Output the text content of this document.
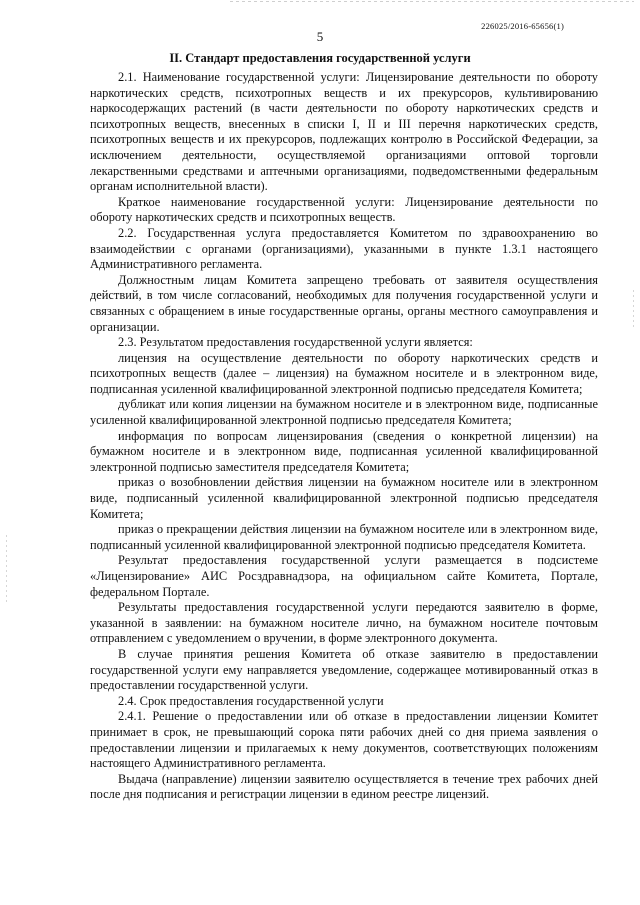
5
226025/2016-65656(1)
II. Стандарт предоставления государственной услуги

2.1. Наименование государственной услуги: Лицензирование деятельности по обороту наркотических средств, психотропных веществ и их прекурсоров, культивированию наркосодержащих растений (в части деятельности по обороту наркотических средств и психотропных веществ, внесенных в списки I, II и III перечня наркотических средств, психотропных веществ и их прекурсоров, подлежащих контролю в Российской Федерации, за исключением деятельности, осуществляемой организациями оптовой торговли лекарственными средствами и аптечными организациями, подведомственными федеральным органам исполнительной власти).

Краткое наименование государственной услуги: Лицензирование деятельности по обороту наркотических средств и психотропных веществ.

2.2. Государственная услуга предоставляется Комитетом по здравоохранению во взаимодействии с органами (организациями), указанными в пункте 1.3.1 настоящего Административного регламента.

Должностным лицам Комитета запрещено требовать от заявителя осуществления действий, в том числе согласований, необходимых для получения государственной услуги и связанных с обращением в иные государственные органы, органы местного самоуправления и организации.

2.3. Результатом предоставления государственной услуги является:

лицензия на осуществление деятельности по обороту наркотических средств и психотропных веществ (далее – лицензия) на бумажном носителе и в электронном виде, подписанная усиленной квалифицированной электронной подписью председателя Комитета;

дубликат или копия лицензии на бумажном носителе и в электронном виде, подписанные усиленной квалифицированной электронной подписью председателя Комитета;

информация по вопросам лицензирования (сведения о конкретной лицензии) на бумажном носителе и в электронном виде, подписанная усиленной квалифицированной электронной подписью заместителя председателя Комитета;

приказ о возобновлении действия лицензии на бумажном носителе или в электронном виде, подписанный усиленной квалифицированной электронной подписью председателя Комитета;

приказ о прекращении действия лицензии на бумажном носителе или в электронном виде, подписанный усиленной квалифицированной электронной подписью председателя Комитета.

Результат предоставления государственной услуги размещается в подсистеме «Лицензирование» АИС Росздравнадзора, на официальном сайте Комитета, Портале, федеральном Портале.

Результаты предоставления государственной услуги передаются заявителю в форме, указанной в заявлении: на бумажном носителе лично, на бумажном носителе почтовым отправлением с уведомлением о вручении, в форме электронного документа.

В случае принятия решения Комитета об отказе заявителю в предоставлении государственной услуги ему направляется уведомление, содержащее мотивированный отказ в предоставлении государственной услуги.

2.4. Срок предоставления государственной услуги

2.4.1. Решение о предоставлении или об отказе в предоставлении лицензии Комитет принимает в срок, не превышающий сорока пяти рабочих дней со дня приема заявления о предоставлении лицензии и прилагаемых к нему документов, соответствующих положениям настоящего Административного регламента.

Выдача (направление) лицензии заявителю осуществляется в течение трех рабочих дней после дня подписания и регистрации лицензии в едином реестре лицензий.
